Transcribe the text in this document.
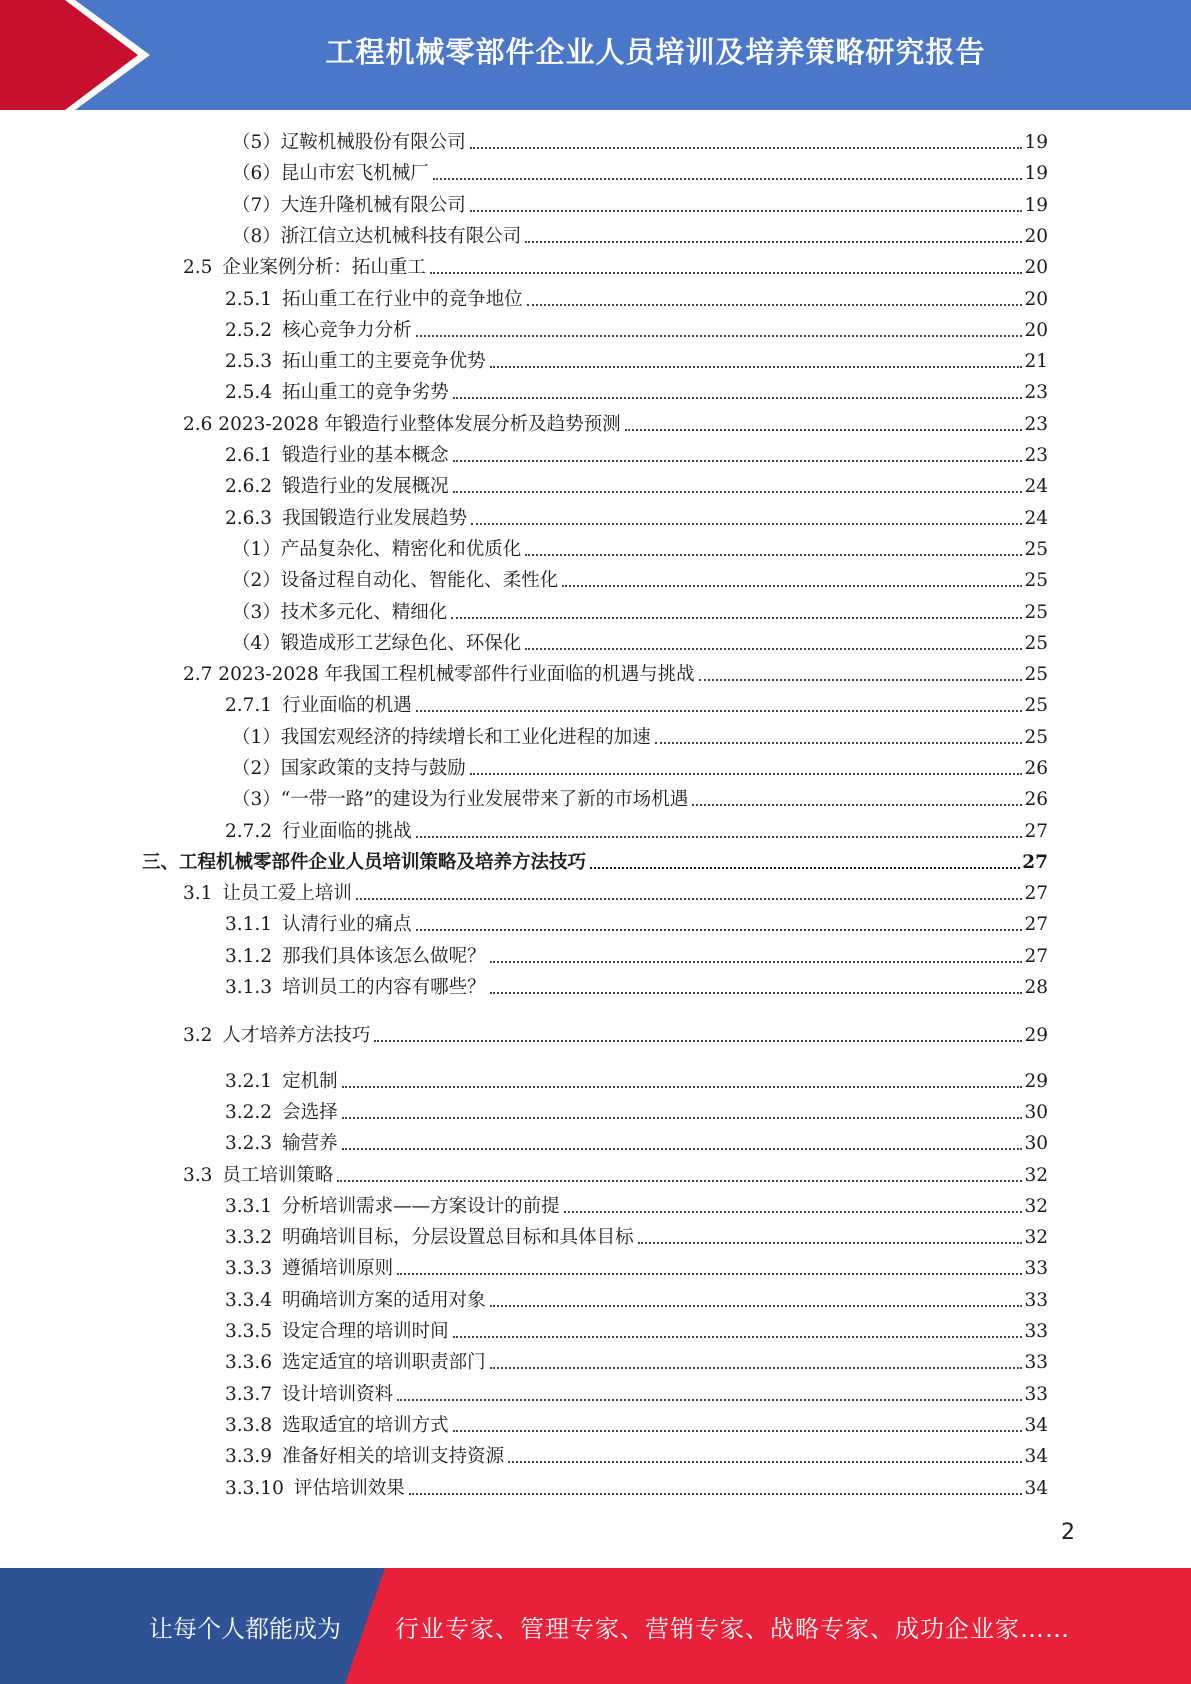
工程机械零部件企业人员培训及培养策略研究报告
（5）辽鞍机械股份有限公司	19
（6）昆山市宏飞机械厂	19
（7）大连升隆机械有限公司	19
（8）浙江信立达机械科技有限公司	20
2.5 企业案例分析：拓山重工	20
2.5.1 拓山重工在行业中的竞争地位	20
2.5.2 核心竞争力分析	20
2.5.3 拓山重工的主要竞争优势	21
2.5.4 拓山重工的竞争劣势	23
2.6 2023-2028 年锻造行业整体发展分析及趋势预测	23
2.6.1 锻造行业的基本概念	23
2.6.2 锻造行业的发展概况	24
2.6.3 我国锻造行业发展趋势	24
（1）产品复杂化、精密化和优质化	25
（2）设备过程自动化、智能化、柔性化	25
（3）技术多元化、精细化	25
（4）锻造成形工艺绿色化、环保化	25
2.7 2023-2028 年我国工程机械零部件行业面临的机遇与挑战	25
2.7.1 行业面临的机遇	25
（1）我国宏观经济的持续增长和工业化进程的加速	25
（2）国家政策的支持与鼓励	26
（3）“一带一路”的建设为行业发展带来了新的市场机遇	26
2.7.2 行业面临的挑战	27
三、工程机械零部件企业人员培训策略及培养方法技巧	27
3.1 让员工爱上培训	27
3.1.1 认清行业的痛点	27
3.1.2 那我们具体该怎么做呢？	27
3.1.3 培训员工的内容有哪些？	28
3.2 人才培养方法技巧	29
3.2.1 定机制	29
3.2.2 会选择	30
3.2.3 输营养	30
3.3 员工培训策略	32
3.3.1 分析培训需求——方案设计的前提	32
3.3.2 明确培训目标，分层设置总目标和具体目标	32
3.3.3 遵循培训原则	33
3.3.4 明确培训方案的适用对象	33
3.3.5 设定合理的培训时间	33
3.3.6 选定适宜的培训职责部门	33
3.3.7 设计培训资料	33
3.3.8 选取适宜的培训方式	34
3.3.9 准备好相关的培训支持资源	34
3.3.10 评估培训效果	34
2
让每个人都能成为	行业专家、管理专家、营销专家、战略专家、成功企业家……
